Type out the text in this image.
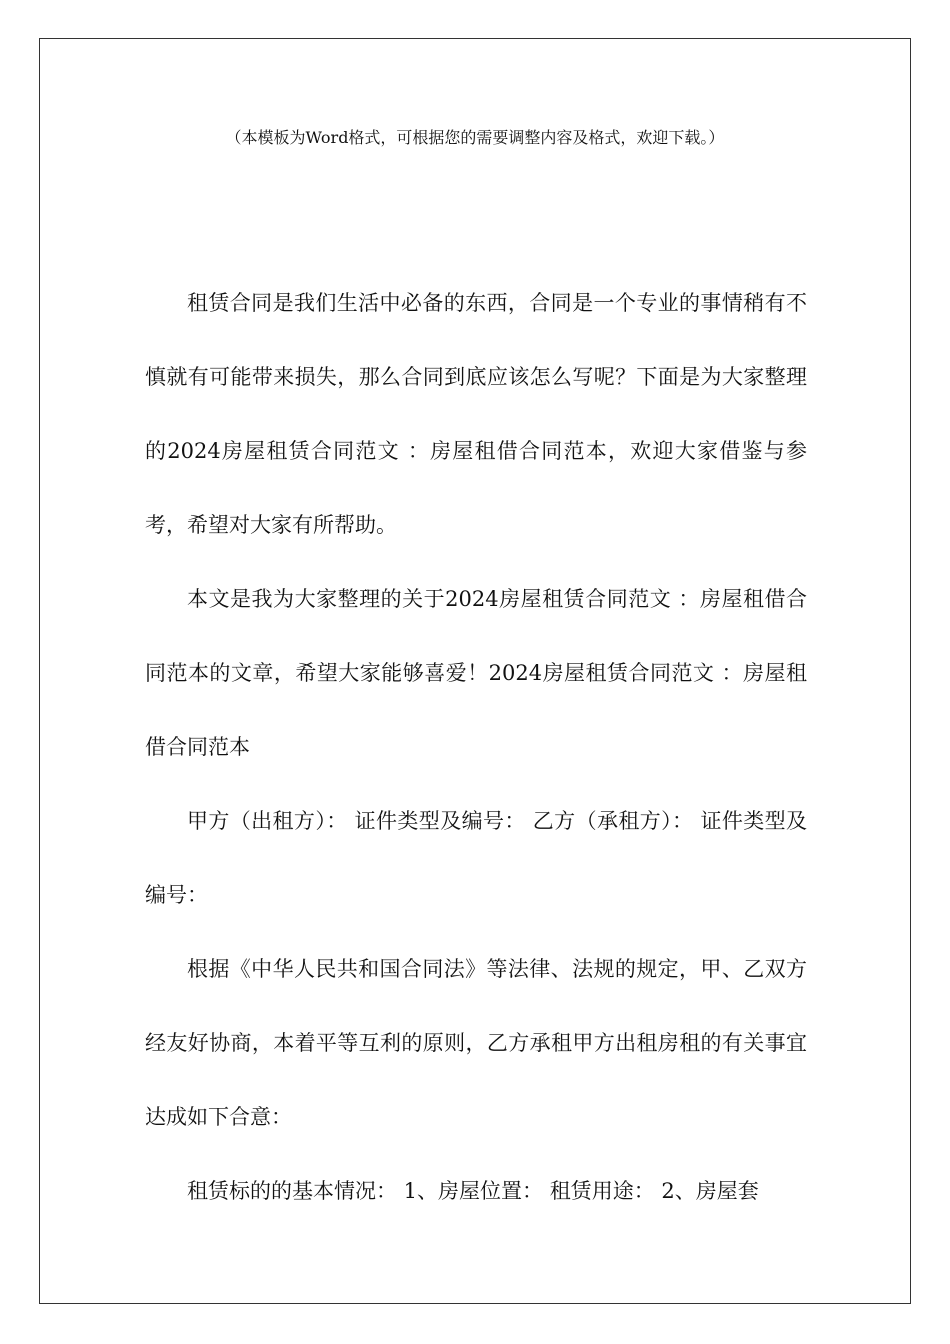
（本模板为Word格式，可根据您的需要调整内容及格式，欢迎下载。）

租赁合同是我们生活中必备的东西，合同是一个专业的事情稍有不慎就有可能带来损失，那么合同到底应该怎么写呢？下面是为大家整理的2024房屋租赁合同范文 ：房屋租借合同范本，欢迎大家借鉴与参考，希望对大家有所帮助。

本文是我为大家整理的关于2024房屋租赁合同范文 ：房屋租借合同范本的文章，希望大家能够喜爱！2024房屋租赁合同范文 ：房屋租借合同范本

甲方（出租方）： 证件类型及编号： 乙方（承租方）： 证件类型及编号：

根据《中华人民共和国合同法》等法律、法规的规定，甲、乙双方经友好协商，本着平等互利的原则，乙方承租甲方出租房租的有关事宜达成如下合意：

租赁标的的基本情况： 1、房屋位置： 租赁用途： 2、房屋套
